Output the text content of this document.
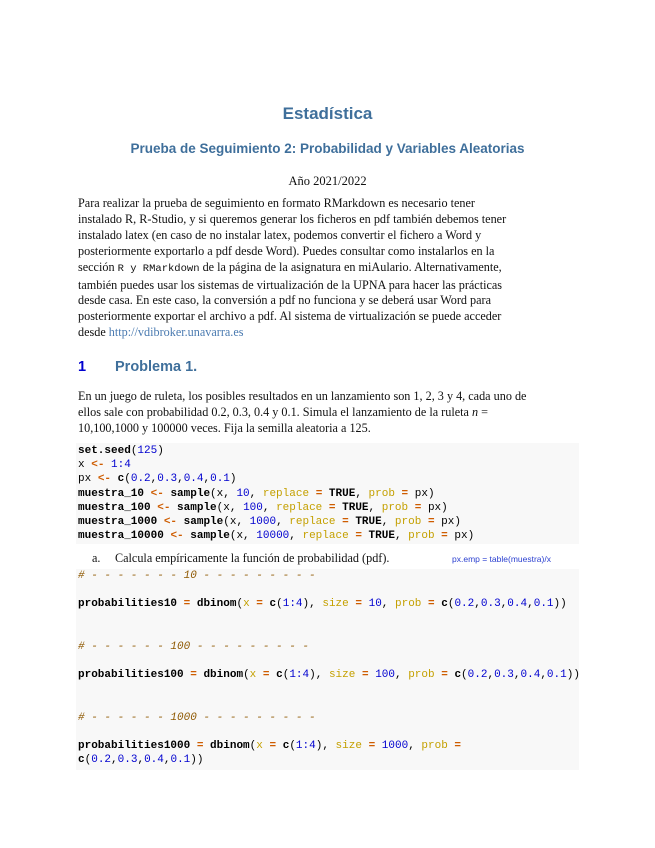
Estadística
Prueba de Seguimiento 2: Probabilidad y Variables Aleatorias
Año 2021/2022
Para realizar la prueba de seguimiento en formato RMarkdown es necesario tener
instalado R, R-Studio, y si queremos generar los ficheros en pdf también debemos tener
instalado latex (en caso de no instalar latex, podemos convertir el fichero a Word y
posteriormente exportarlo a pdf desde Word). Puedes consultar como instalarlos en la
sección R y RMarkdown de la página de la asignatura en miAulario. Alternativamente,
también puedes usar los sistemas de virtualización de la UPNA para hacer las prácticas
desde casa. En este caso, la conversión a pdf no funciona y se deberá usar Word para
posteriormente exportar el archivo a pdf. Al sistema de virtualización se puede acceder
desde http://vdibroker.unavarra.es
1 Problema 1.
En un juego de ruleta, los posibles resultados en un lanzamiento son 1, 2, 3 y 4, cada uno de
ellos sale con probabilidad 0.2, 0.3, 0.4 y 0.1. Simula el lanzamiento de la ruleta n =
10,100,1000 y 100000 veces. Fija la semilla aleatoria a 125.
set.seed(125)
x <- 1:4
px <- c(0.2,0.3,0.4,0.1)
muestra_10 <- sample(x, 10, replace = TRUE, prob = px)
muestra_100 <- sample(x, 100, replace = TRUE, prob = px)
muestra_1000 <- sample(x, 1000, replace = TRUE, prob = px)
muestra_10000 <- sample(x, 10000, replace = TRUE, prob = px)
a. Calcula empíricamente la función de probabilidad (pdf).	px.emp = table(muestra)/x
# - - - - - - - 10 - - - - - - - - -

probabilities10 = dbinom(x = c(1:4), size = 10, prob = c(0.2,0.3,0.4,0.1))

# - - - - - - 100 - - - - - - - - -

probabilities100 = dbinom(x = c(1:4), size = 100, prob = c(0.2,0.3,0.4,0.1))

# - - - - - - 1000 - - - - - - - - -

probabilities1000 = dbinom(x = c(1:4), size = 1000, prob =
c(0.2,0.3,0.4,0.1))
